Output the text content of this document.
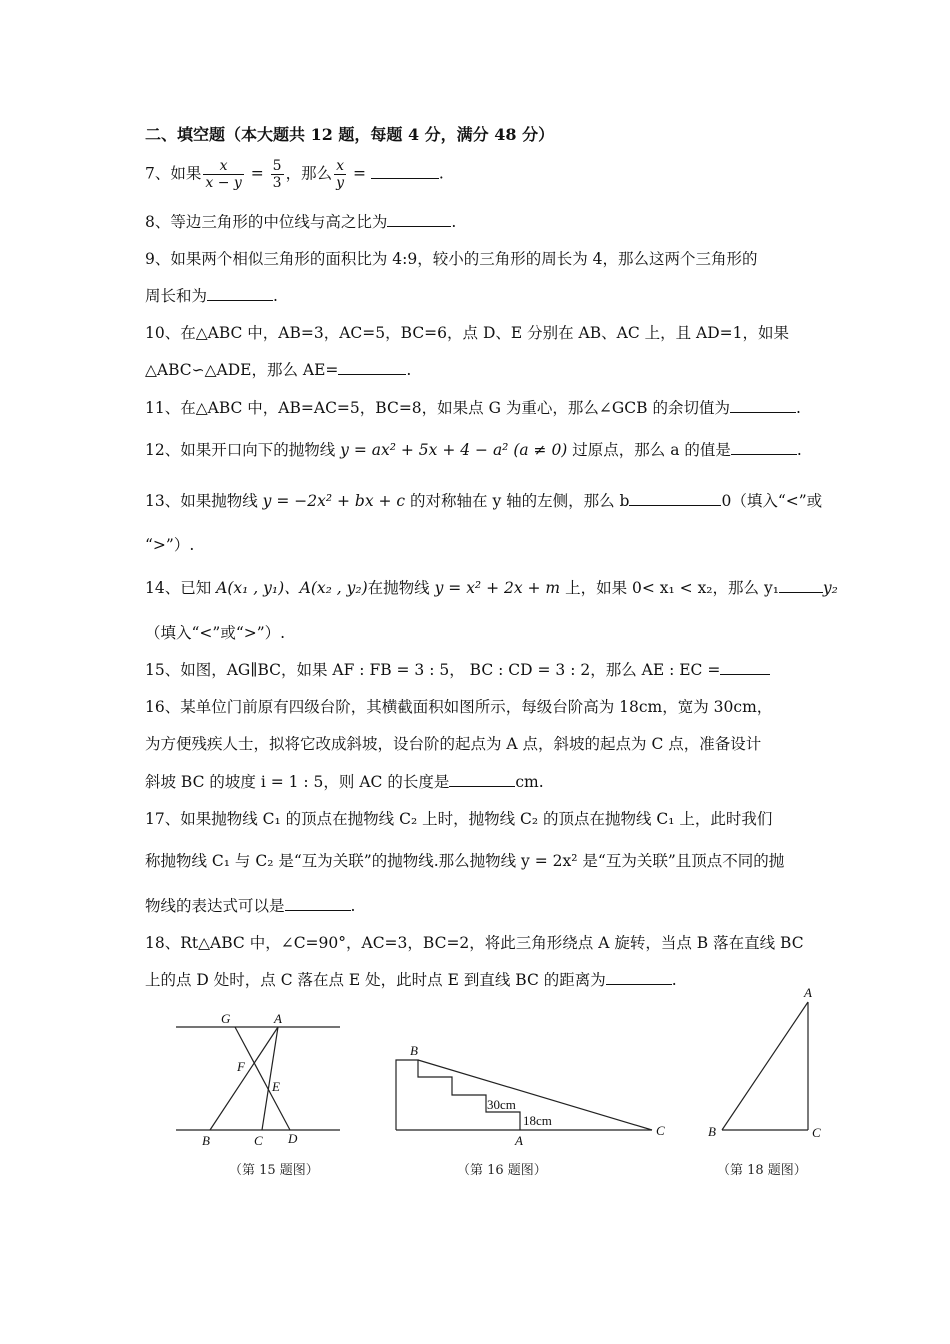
二、填空题（本大题共 12 题，每题 4 分，满分 48 分）
7、如果 $\frac{x}{x - y} = \frac{5}{3}$ ，那么 $\frac{x}{y}$ =	.
8、等边三角形的中位线与高之比为	.
9、如果两个相似三角形的面积比为 4:9，较小的三角形的周长为 4，那么这两个三角形的
周长和为	.
10、在△ABC 中，AB=3，AC=5，BC=6，点 D、E 分别在 AB、AC 上，且 AD=1，如果
△ABC∽△ADE，那么 AE=	.
11、在△ABC 中，AB=AC=5，BC=8，如果点 G 为重心，那么∠GCB 的余切值为	.
12、如果开口向下的抛物线 y = ax² + 5x + 4 − a² (a ≠ 0) 过原点，那么 a 的值是	.
13、如果抛物线 y = −2x² + bx + c 的对称轴在 y 轴的左侧，那么 b	0（填入“<”或
“>”）.
14、已知 A(x₁ , y₁)、A(x₂ , y₂)在抛物线 y = x² + 2x + m 上，如果 0< x₁ < x₂，那么 y₁	y₂
（填入“<”或“>”）.
15、如图，AG∥BC，如果 AF : FB = 3 : 5， BC : CD = 3 : 2，那么 AE : EC =
16、某单位门前原有四级台阶，其横截面积如图所示，每级台阶高为 18cm，宽为 30cm，
为方便残疾人士，拟将它改成斜坡，设台阶的起点为 A 点，斜坡的起点为 C 点，准备设计
斜坡 BC 的坡度 i = 1 : 5，则 AC 的长度是	cm.
17、如果抛物线 C₁ 的顶点在抛物线 C₂ 上时，抛物线 C₂ 的顶点在抛物线 C₁ 上，此时我们
称抛物线 C₁ 与 C₂ 是“互为关联”的抛物线.那么抛物线 y = 2x² 是“互为关联”且顶点不同的抛
物线的表达式可以是	.
18、Rt△ABC 中，∠C=90°，AC=3，BC=2，将此三角形绕点 A 旋转，当点 B 落在直线 BC
上的点 D 处时，点 C 落在点 E 处，此时点 E 到直线 BC 的距离为	.
G	A
F
E
B	C D
B
30cm
18cm
A
C
A
B	C
（第 15 题图）	（第 16 题图）	（第 18 题图）
